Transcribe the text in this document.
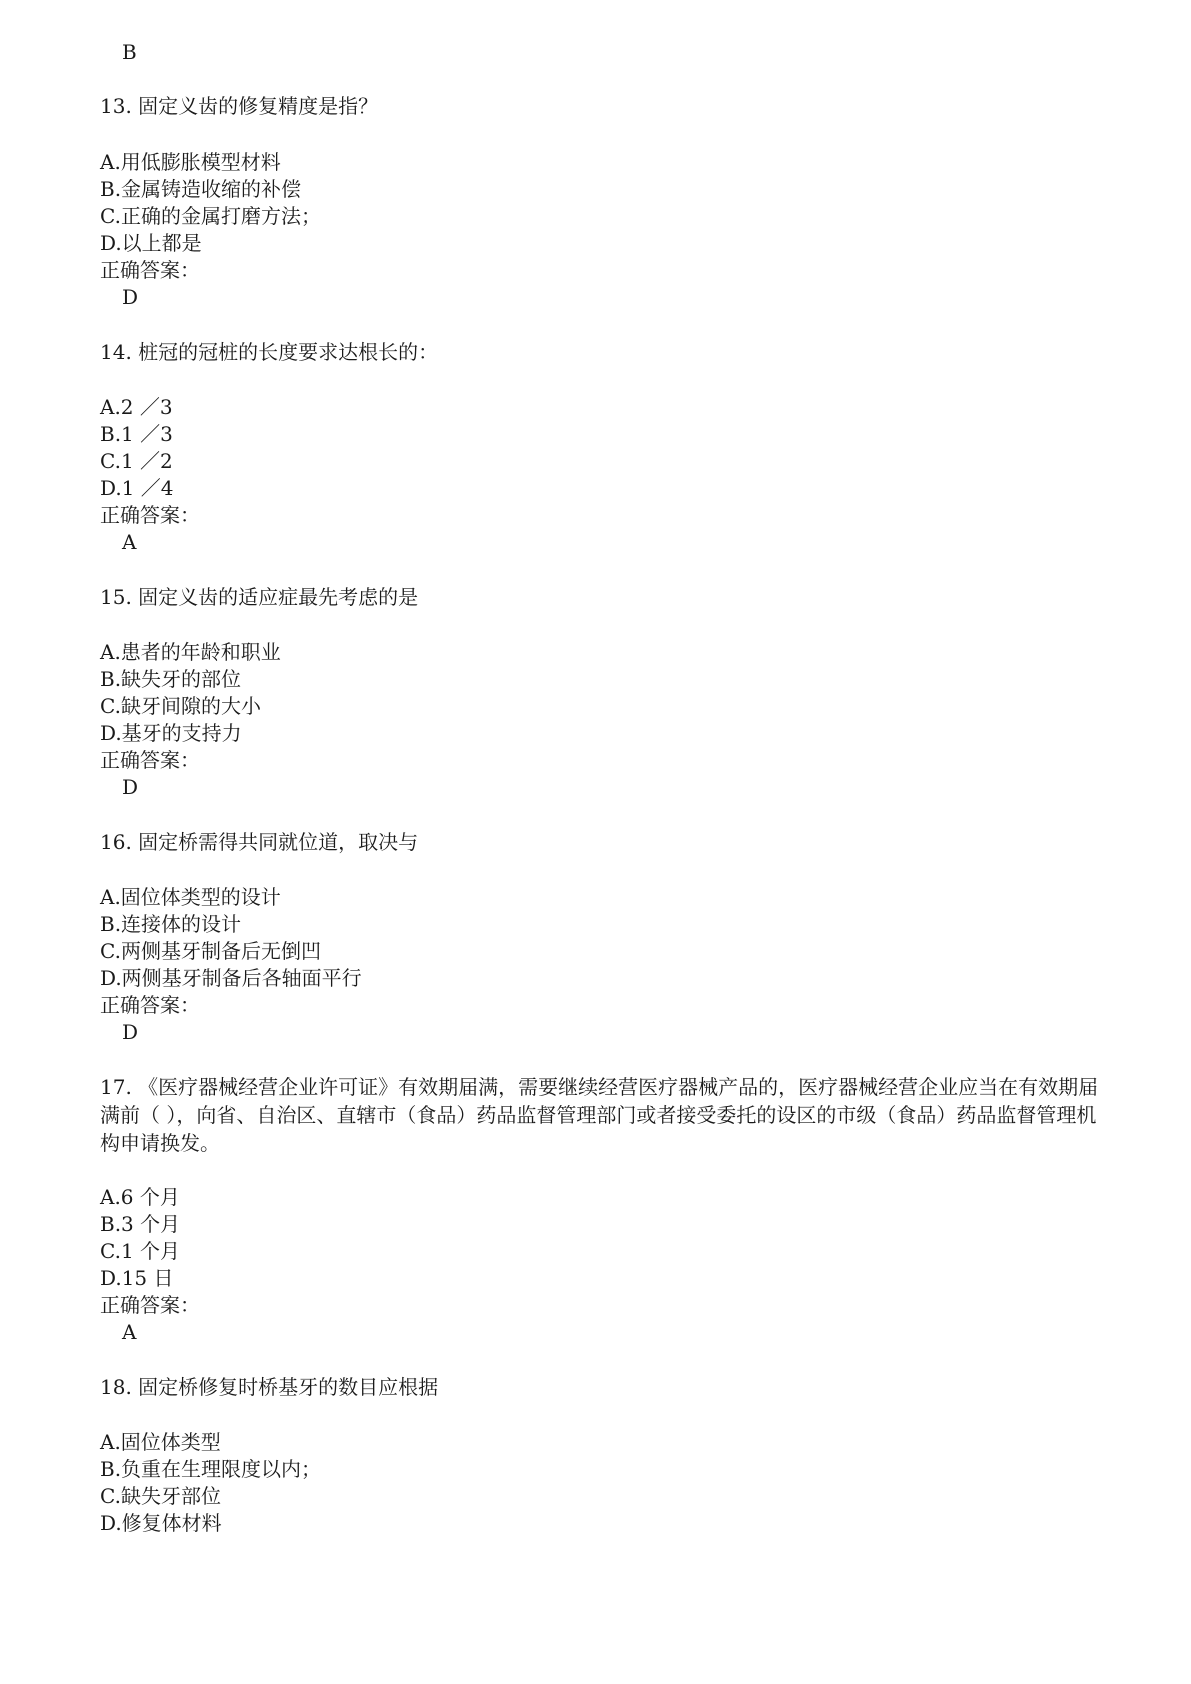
B
13. 固定义齿的修复精度是指？
A.用低膨胀模型材料
B.金属铸造收缩的补偿
C.正确的金属打磨方法；
D.以上都是
正确答案：
D
14. 桩冠的冠桩的长度要求达根长的：
A.2 ／3
B.1 ／3
C.1 ／2
D.1 ／4
正确答案：
A
15. 固定义齿的适应症最先考虑的是
A.患者的年龄和职业
B.缺失牙的部位
C.缺牙间隙的大小
D.基牙的支持力
正确答案：
D
16. 固定桥需得共同就位道，取决与
A.固位体类型的设计
B.连接体的设计
C.两侧基牙制备后无倒凹
D.两侧基牙制备后各轴面平行
正确答案：
D
17. 《医疗器械经营企业许可证》有效期届满，需要继续经营医疗器械产品的，医疗器械经营企业应当在有效期届满前（ ），向省、自治区、直辖市（食品）药品监督管理部门或者接受委托的设区的市级（食品）药品监督管理机构申请换发。
A.6 个月
B.3 个月
C.1 个月
D.15 日
正确答案：
A
18. 固定桥修复时桥基牙的数目应根据
A.固位体类型
B.负重在生理限度以内；
C.缺失牙部位
D.修复体材料
